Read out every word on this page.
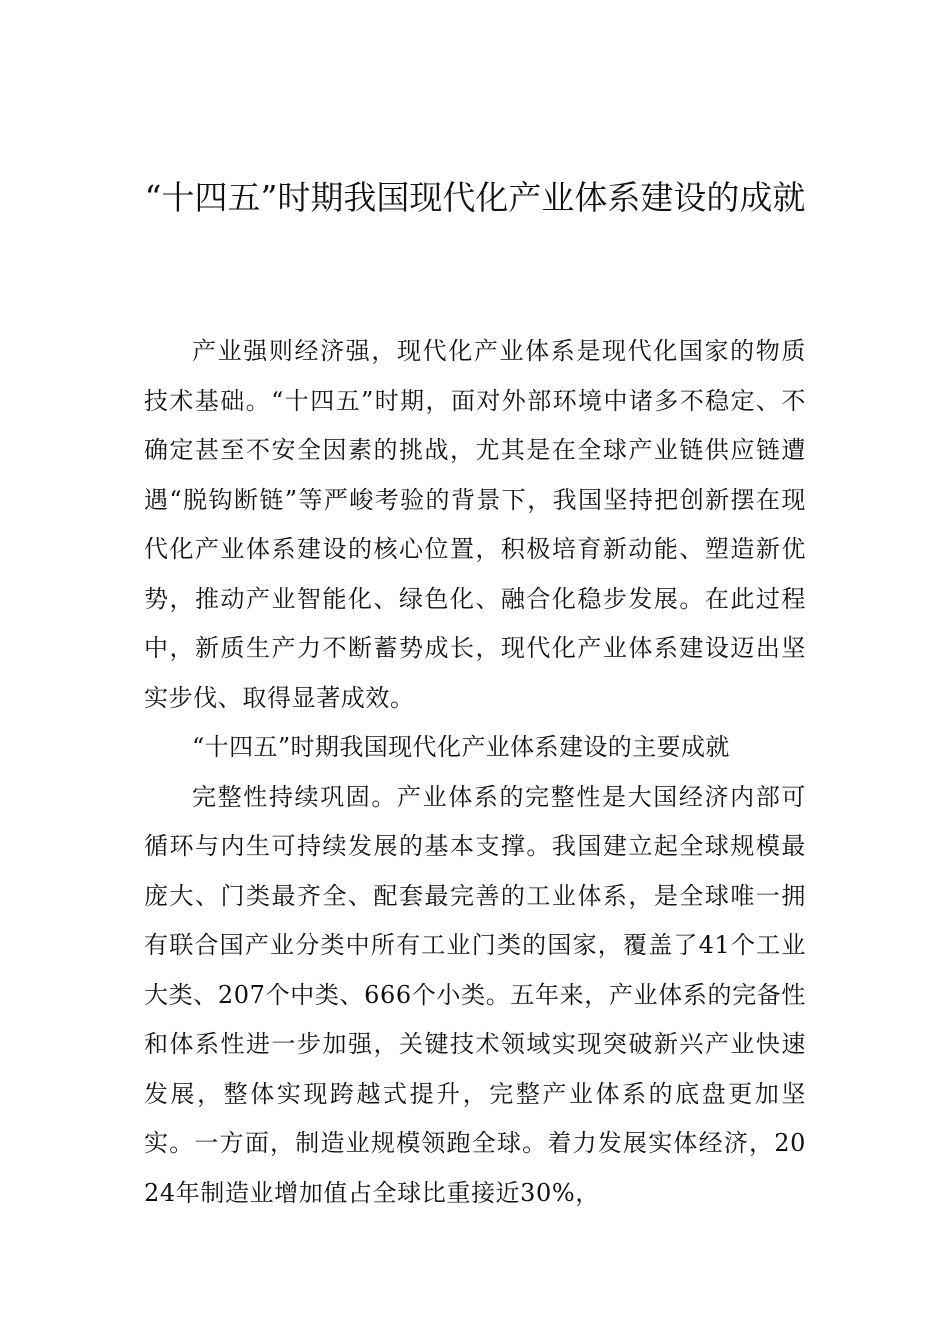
“十四五”时期我国现代化产业体系建设的成就

产业强则经济强，现代化产业体系是现代化国家的物质技术基础。“十四五”时期，面对外部环境中诸多不稳定、不确定甚至不安全因素的挑战，尤其是在全球产业链供应链遭遇“脱钩断链”等严峻考验的背景下，我国坚持把创新摆在现代化产业体系建设的核心位置，积极培育新动能、塑造新优势，推动产业智能化、绿色化、融合化稳步发展。在此过程中，新质生产力不断蓄势成长，现代化产业体系建设迈出坚实步伐、取得显著成效。

“十四五”时期我国现代化产业体系建设的主要成就

完整性持续巩固。产业体系的完整性是大国经济内部可循环与内生可持续发展的基本支撑。我国建立起全球规模最庞大、门类最齐全、配套最完善的工业体系，是全球唯一拥有联合国产业分类中所有工业门类的国家，覆盖了41个工业大类、207个中类、666个小类。五年来，产业体系的完备性和体系性进一步加强，关键技术领域实现突破新兴产业快速发展，整体实现跨越式提升，完整产业体系的底盘更加坚实。一方面，制造业规模领跑全球。着力发展实体经济，2024年制造业增加值占全球比重接近30%，
